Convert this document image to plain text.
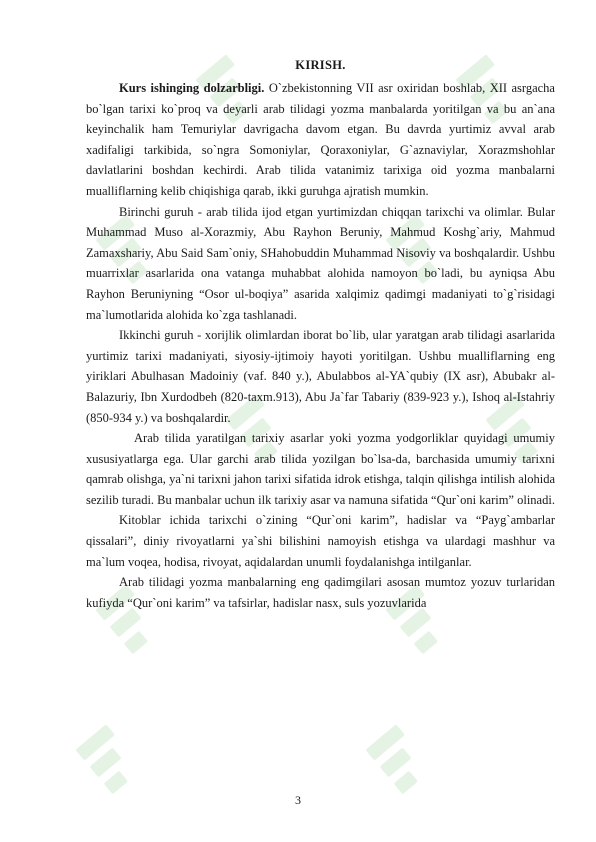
KIRISH.

Kurs ishinging dolzarbligi. O`zbekistonning VII asr oxiridan boshlab, XII asrgacha bo`lgan tarixi ko`proq va deyarli arab tilidagi yozma manbalarda yoritilgan va bu an`ana keyinchalik ham Temuriylar davrigacha davom etgan. Bu davrda yurtimiz avval arab xadifaligi tarkibida, so`ngra Somoniylar, Qoraxoniylar, G`aznaviylar, Xorazmshohlar davlatlarini boshdan kechirdi. Arab tilida vatanimiz tarixiga oid yozma manbalarni mualliflarning kelib chiqishiga qarab, ikki guruhga ajratish mumkin.

Birinchi guruh - arab tilida ijod etgan yurtimizdan chiqqan tarixchi va olimlar. Bular Muhammad Muso al-Xorazmiy, Abu Rayhon Beruniy, Mahmud Koshg`ariy, Mahmud Zamaxshariy, Abu Said Sam`oniy, SHahobuddin Muhammad Nisoviy va boshqalardir. Ushbu muarrixlar asarlarida ona vatanga muhabbat alohida namoyon bo`ladi, bu ayniqsa Abu Rayhon Beruniyning “Osor ul-boqiya” asarida xalqimiz qadimgi madaniyati to`g`risidagi ma`lumotlarida alohida ko`zga tashlanadi.

Ikkinchi guruh - xorijlik olimlardan iborat bo`lib, ular yaratgan arab tilidagi asarlarida yurtimiz tarixi madaniyati, siyosiy-ijtimoiy hayoti yoritilgan. Ushbu mualliflarning eng yiriklari Abulhasan Madoiniy (vaf. 840 y.), Abulabbos al-YA`qubiy (IX asr), Abubakr al-Balazuriy, Ibn Xurdodbeh (820-taxm.913), Abu Ja`far Tabariy (839-923 y.), Ishoq al-Istahriy (850-934 y.) va boshqalardir.

Arab tilida yaratilgan tarixiy asarlar yoki yozma yodgorliklar quyidagi umumiy xususiyatlarga ega. Ular garchi arab tilida yozilgan bo`lsa-da, barchasida umumiy tarixni qamrab olishga, ya`ni tarixni jahon tarixi sifatida idrok etishga, talqin qilishga intilish alohida sezilib turadi. Bu manbalar uchun ilk tarixiy asar va namuna sifatida “Qur`oni karim” olinadi.

Kitoblar ichida tarixchi o`zining “Qur`oni karim”, hadislar va “Payg`ambarlar qissalari”, diniy rivoyatlarni ya`shi bilishini namoyish etishga va ulardagi mashhur va ma`lum voqea, hodisa, rivoyat, aqidalardan unumli foydalanishga intilganlar.

Arab tilidagi yozma manbalarning eng qadimgilari asosan mumtoz yozuv turlaridan kufiyda “Qur`oni karim” va tafsirlar, hadislar nasx, suls yozuvlarida

3
